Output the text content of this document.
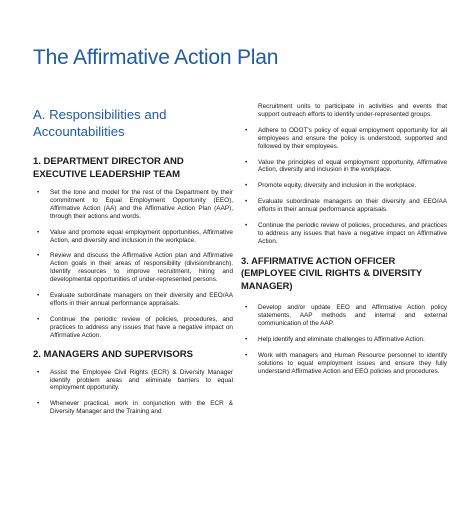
The Affirmative Action Plan
A. Responsibilities and Accountabilities
1. DEPARTMENT DIRECTOR AND EXECUTIVE LEADERSHIP TEAM
• Set the tone and model for the rest of the Department by their commitment to Equal Employment Opportunity (EEO), Affirmative Action (AA) and the Affirmative Action Plan (AAP), through their actions and words.
• Value and promote equal employment opportunities, Affirmative Action, and diversity and inclusion in the workplace.
• Review and discuss the Affirmative Action plan and Affirmative Action goals in their areas of responsibility (division/branch). Identify resources to improve recruitment, hiring and developmental opportunities of under-represented persons.
• Evaluate subordinate managers on their diversity and EEO/AA efforts in their annual performance appraisals.
• Continue the periodic review of policies, procedures, and practices to address any issues that have a negative impact on Affirmative Action.
2. MANAGERS AND SUPERVISORS
• Assist the Employee Civil Rights (ECR) & Diversity Manager identify problem areas and eliminate barriers to equal employment opportunity.
• Whenever practical, work in conjunction with the ECR & Diversity Manager and the Training and
Recruitment units to participate in activities and events that support outreach efforts to identify under-represented groups.
• Adhere to ODOT's policy of equal employment opportunity for all employees and ensure the policy is understood, supported and followed by their employees.
• Value the principles of equal employment opportunity, Affirmative Action, diversity and inclusion in the workplace.
• Promote equity, diversity and inclusion in the workplace.
• Evaluate subordinate managers on their diversity and EEO/AA efforts in their annual performance appraisals.
• Continue the periodic review of policies, procedures, and practices to address any issues that have a negative impact on Affirmative Action.
3. AFFIRMATIVE ACTION OFFICER (EMPLOYEE CIVIL RIGHTS & DIVERSITY MANAGER)
• Develop and/or update EEO and Affirmative Action policy statements, AAP methods and internal and external communication of the AAP.
• Help identify and eliminate challenges to Affirmative Action.
• Work with managers and Human Resource personnel to identify solutions to equal employment issues and ensure they fully understand Affirmative Action and EEO policies and procedures.
